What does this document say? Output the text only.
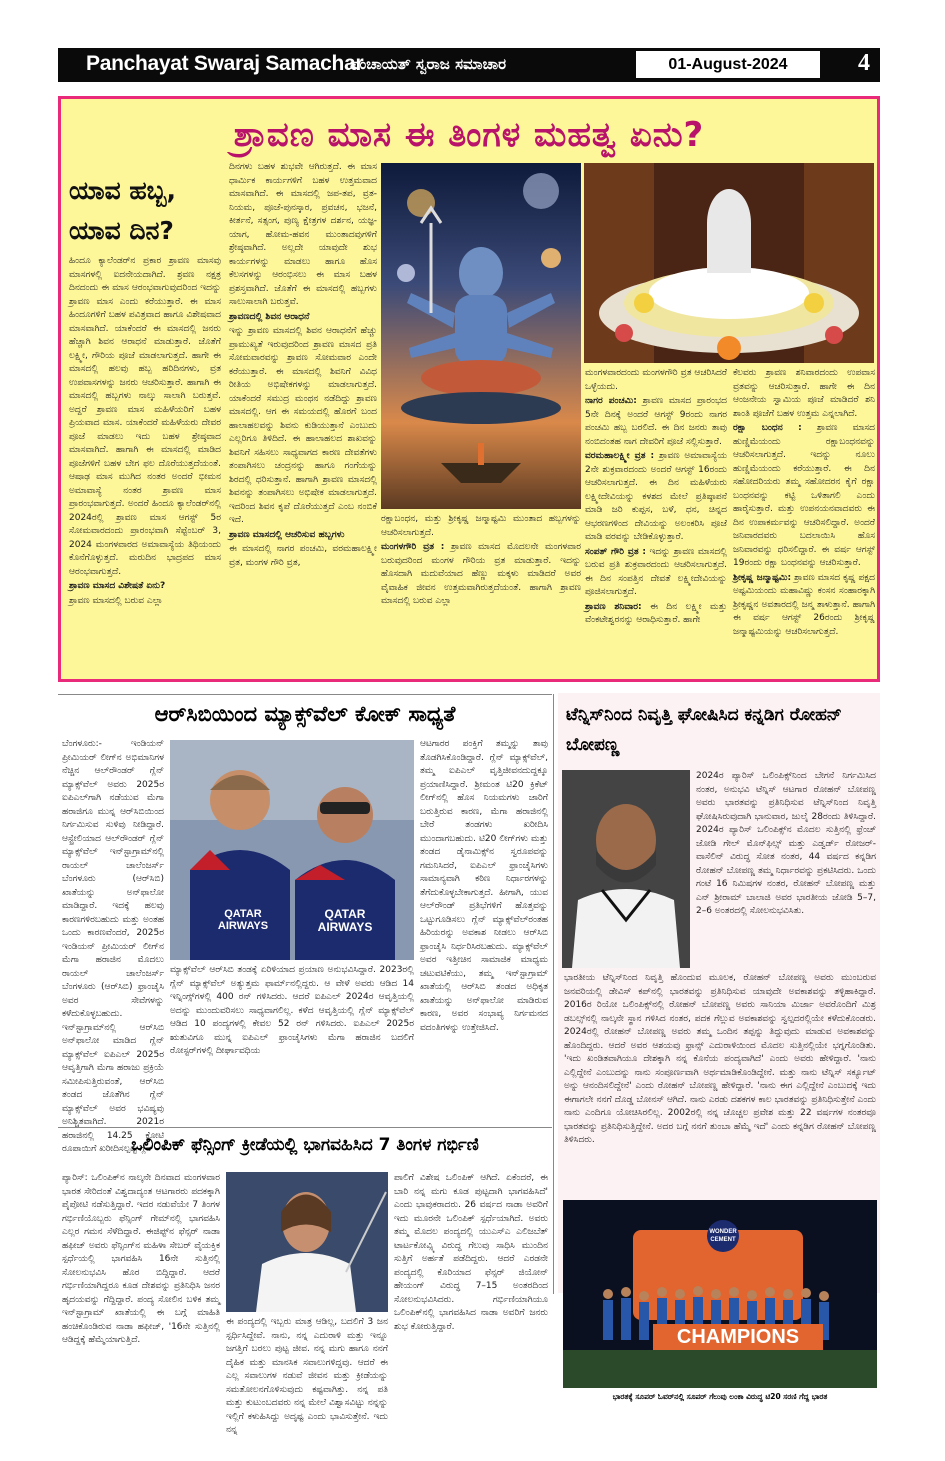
Panchayat Swaraj Samachar
ಪಂಚಾಯತ್ ಸ್ವರಾಜ ಸಮಾಚಾರ	01-August-2024	4
ಶ್ರಾವಣ ಮಾಸ ಈ ತಿಂಗಳ ಮಹತ್ವ ಏನು?
ಯಾವ ಹಬ್ಬ, ಯಾವ ದಿನ?

ಹಿಂದೂ ಕ್ಯಾಲೆಂಡರ್‌ನ ಪ್ರಕಾರ ಶ್ರಾವಣ ಮಾಸವು ಮಾಸಗಳಲ್ಲಿ ಐದನೇಯದಾಗಿದೆ. ಶ್ರವಣ ನಕ್ಷತ್ರ ದಿನದಂದು ಈ ಮಾಸ ಆರಂಭವಾಗುವುದರಿಂದ ಇದನ್ನು ಶ್ರಾವಣ ಮಾಸ ಎಂದು ಕರೆಯುತ್ತಾರೆ. ಈ ಮಾಸ ಹಿಂದೂಗಳಿಗೆ ಬಹಳ ಪವಿತ್ರವಾದ ಹಾಗೂ ವಿಶೇಷವಾದ ಮಾಸವಾಗಿದೆ. ಯಾಕೆಂದರೆ ಈ ಮಾಸದಲ್ಲಿ ಜನರು ಹೆಚ್ಚಾಗಿ ಶಿವನ ಆರಾಧನೆ ಮಾಡುತ್ತಾರೆ. ಜೊತೆಗೆ ಲಕ್ಷ್ಮೀ, ಗೌರಿಯ ಪೂಜೆ ಮಾಡಲಾಗುತ್ತದೆ. ಹಾಗೇ ಈ ಮಾಸದಲ್ಲಿ ಹಲವು ಹಬ್ಬ ಹರಿದಿನಗಳು, ವ್ರತ ಉಪವಾಸಗಳನ್ನು ಜನರು ಆಚರಿಸುತ್ತಾರೆ. ಹಾಗಾಗಿ ಈ ಮಾಸದಲ್ಲಿ ಹಬ್ಬಗಳು ನಾಲ್ಕು ಸಾಲಾಗಿ ಬರುತ್ತವೆ. ಅದ್ದರೆ ಶ್ರಾವಣ ಮಾಸ ಮಹಿಳೆಯರಿಗೆ ಬಹಳ ಪ್ರಿಯವಾದ ಮಾಸ. ಯಾಕೆಂದರೆ ಮಹಿಳೆಯರು ದೇವರ ಪೂಜೆ ಮಾಡಲು ಇದು ಬಹಳ ಶ್ರೇಷ್ಠವಾದ ಮಾಸವಾಗಿದೆ. ಹಾಗಾಗಿ ಈ ಮಾಸದಲ್ಲಿ ಮಾಡಿದ ಪೂಜೆಗಳಿಗೆ ಬಹಳ ಬೇಗ ಫಲ ದೊರೆಯುತ್ತದೆಯಂತೆ. ಆಷಾಢ ಮಾಸ ಮುಗಿದ ನಂತರ ಅಂದರೆ ಭೀಮನ ಅಮಾವಾಸ್ಯೆ ನಂತರ ಶ್ರಾವಣ ಮಾಸ ಪ್ರಾರಂಭವಾಗುತ್ತದೆ. ಅಂದರೆ ಹಿಂದೂ ಕ್ಯಾಲೆಂಡರ್‌ನಲ್ಲಿ 2024ರಲ್ಲಿ ಶ್ರಾವಣ ಮಾಸ ಆಗಸ್ಟ್ 5ರ ಸೋಮವಾರದಂದು ಪ್ರಾರಂಭವಾಗಿ ಸೆಪ್ಟೆಂಬರ್ 3, 2024 ಮಂಗಳವಾರದ ಅಮಾವಾಸ್ಯೆಯ ತಿಥಿಯಂದು ಕೊನೆಗೊಳ್ಳುತ್ತದೆ. ಮರುದಿನ ಭಾದ್ರಪದ ಮಾಸ ಆರಂಭವಾಗುತ್ತದೆ.

ಶ್ರಾವಣ ಮಾಸದ ವಿಶೇಷತೆ ಏನು?

ಶ್ರಾವಣ ಮಾಸದಲ್ಲಿ ಬರುವ ಎಲ್ಲಾ

ದಿನಗಳು ಬಹಳ ಶುಭವೇ ಆಗಿರುತ್ತದೆ. ಈ ಮಾಸ ಧಾರ್ಮಿಕ ಕಾರ್ಯಗಳಿಗೆ ಬಹಳ ಉತ್ತಮವಾದ ಮಾಸವಾಗಿದೆ. ಈ ಮಾಸದಲ್ಲಿ ಜಪ-ತಪ, ವ್ರತ-ನಿಯಮ, ಪೂಜೆ-ಪುನಸ್ಕಾರ, ಪ್ರವಚನ, ಭಜನೆ, ಕೀರ್ತನೆ, ಸತ್ಸಂಗ, ಪುಣ್ಯ ಕ್ಷೇತ್ರಗಳ ದರ್ಶನ, ಯಜ್ಞ-ಯಾಗ, ಹೋಮ-ಹವನ ಮುಂತಾದವುಗಳಿಗೆ ಶ್ರೇಷ್ಠವಾಗಿದೆ. ಅಲ್ಲದೇ ಯಾವುದೇ ಶುಭ ಕಾರ್ಯಗಳನ್ನು ಮಾಡಲು ಹಾಗೂ ಹೊಸ ಕೆಲಸಗಳನ್ನು ಆರಂಭಿಸಲು ಈ ಮಾಸ ಬಹಳ ಪ್ರಶಸ್ತವಾಗಿದೆ. ಜೊತೆಗೆ ಈ ಮಾಸದಲ್ಲಿ ಹಬ್ಬಗಳು ಸಾಲುಸಾಲಾಗಿ ಬರುತ್ತವೆ.

ಶ್ರಾವಣದಲ್ಲಿ ಶಿವನ ಆರಾಧನೆ

ಇನ್ನು ಶ್ರಾವಣ ಮಾಸದಲ್ಲಿ ಶಿವನ ಆರಾಧನೆಗೆ ಹೆಚ್ಚು ಪ್ರಾಮುಖ್ಯತೆ ಇರುವುದರಿಂದ ಶ್ರಾವಣ ಮಾಸದ ಪ್ರತಿ ಸೋಮವಾರವನ್ನು ಶ್ರಾವಣ ಸೋಮವಾರ ಎಂದೇ ಕರೆಯುತ್ತಾರೆ. ಈ ಮಾಸದಲ್ಲಿ ಶಿವನಿಗೆ ವಿವಿಧ ರೀತಿಯ ಅಭಿಷೇಕಗಳನ್ನು ಮಾಡಲಾಗುತ್ತದೆ. ಯಾಕೆಂದರೆ ಸಮುದ್ರ ಮಂಥನ ನಡೆದಿದ್ದು ಶ್ರಾವಣ ಮಾಸದಲ್ಲಿ. ಆಗ ಈ ಸಮಯದಲ್ಲಿ ಹೊರಗೆ ಬಂದ ಹಾಲಾಹಲವನ್ನು ಶಿವನು ಕುಡಿಯುತ್ತಾನೆ ಎಂಬುದು ಎಲ್ಲರಿಗೂ ತಿಳಿದಿದೆ. ಈ ಹಾಲಾಹಲದ ಶಾಖವನ್ನು ಶಿವನಿಗೆ ಸಹಿಸಲು ಸಾಧ್ಯವಾಗದ ಕಾರಣ ದೇವತೆಗಳು ತಂಪಾಗಿಸಲು ಚಂದ್ರನನ್ನು ಹಾಗೂ ಗಂಗೆಯನ್ನು ಶಿರದಲ್ಲಿ ಧರಿಸುತ್ತಾನೆ. ಹಾಗಾಗಿ ಶ್ರಾವಣ ಮಾಸದಲ್ಲಿ ಶಿವನನ್ನು ತಂಪಾಗಿಸಲು ಅಭಿಷೇಕ ಮಾಡಲಾಗುತ್ತದೆ. ಇದರಿಂದ ಶಿವನ ಕೃಪೆ ದೊರೆಯುತ್ತದೆ ಎಂಬ ನಂಬಿಕೆ ಇದೆ.

ಶ್ರಾವಣ ಮಾಸದಲ್ಲಿ ಆಚರಿಸುವ ಹಬ್ಬಗಳು

ಈ ಮಾಸದಲ್ಲಿ ನಾಗರ ಪಂಚಮಿ, ವರಮಹಾಲಕ್ಷ್ಮೀ ವ್ರತ, ಮಂಗಳ ಗೌರಿ ವ್ರತ,

ರಕ್ಷಾಬಂಧನ, ಮತ್ತು ಶ್ರೀಕೃಷ್ಣ ಜನ್ಮಾಷ್ಟಮಿ ಮುಂತಾದ ಹಬ್ಬಗಳನ್ನು ಆಚರಿಸಲಾಗುತ್ತದೆ.

ಮಂಗಳಗೌರಿ ವ್ರತ : ಶ್ರಾವಣ ಮಾಸದ ಮೊದಲನೇ ಮಂಗಳವಾರ ಬರುವುದರಿಂದ ಮಂಗಳ ಗೌರಿಯ ವ್ರತ ಮಾಡುತ್ತಾರೆ. ಇದನ್ನು ಹೊಸದಾಗಿ ಮದುವೆಯಾದ ಹೆಣ್ಣು ಮಕ್ಕಳು ಮಾಡಿದರೆ ಅವರ ವೈವಾಹಿಕ ಜೀವನ ಉತ್ತಮವಾಗಿರುತ್ತದೆಯಂತೆ. ಹಾಗಾಗಿ ಶ್ರಾವಣ ಮಾಸದಲ್ಲಿ ಬರುವ ಎಲ್ಲಾ

ಮಂಗಳವಾರದಂದು ಮಂಗಳಗೌರಿ ವ್ರತ ಆಚರಿಸಿದರೆ ಒಳ್ಳೆಯದು.

ನಾಗರ ಪಂಚಮಿ: ಶ್ರಾವಣ ಮಾಸದ ಪ್ರಾರಂಭದ 5ನೇ ದಿನಕ್ಕೆ ಅಂದರೆ ಆಗಸ್ಟ್ 9ರಂದು ನಾಗರ ಪಂಚಮಿ ಹಬ್ಬ ಬರಲಿದೆ. ಈ ದಿನ ಜನರು ತಾವು ನಂಬಿದಂತಹ ನಾಗ ದೇವರಿಗೆ ಪೂಜೆ ಸಲ್ಲಿಸುತ್ತಾರೆ.

ವರಮಹಾಲಕ್ಷ್ಮೀ ವ್ರತ : ಶ್ರಾವಣ ಅಮಾವಾಸ್ಯೆಯ 2ನೇ ಶುಕ್ರವಾರದಂದು ಅಂದರೆ ಆಗಸ್ಟ್ 16ರಂದು ಆಚರಿಸಲಾಗುತ್ತದೆ. ಈ ದಿನ ಮಹಿಳೆಯರು ಲಕ್ಷ್ಮೀದೇವಿಯನ್ನು ಕಳಶದ ಮೇಲೆ ಪ್ರತಿಷ್ಠಾಪನೆ ಮಾಡಿ ಜರಿ ಕುಪ್ಪಸ, ಬಳೆ, ಧನ, ಚಿನ್ನದ ಆಭರಣಗಳಿಂದ ದೇವಿಯನ್ನು ಅಲಂಕರಿಸಿ ಪೂಜೆ ಮಾಡಿ ವರವನ್ನು ಬೇಡಿಕೊಳ್ಳುತ್ತಾರೆ.

ಸಂಪತ್ ಗೌರಿ ವ್ರತ : ಇದನ್ನು ಶ್ರಾವಣ ಮಾಸದಲ್ಲಿ ಬರುವ ಪ್ರತಿ ಶುಕ್ರವಾರದಂದು ಆಚರಿಸಲಾಗುತ್ತದೆ. ಈ ದಿನ ಸಂಪತ್ತಿನ ದೇವತೆ ಲಕ್ಷ್ಮೀದೇವಿಯನ್ನು ಪೂಜಿಸಲಾಗುತ್ತದೆ.

ಶ್ರಾವಣ ಶನಿವಾರ: ಈ ದಿನ ಲಕ್ಷ್ಮೀ ಮತ್ತು ವೆಂಕಟೇಶ್ವರನನ್ನು ಆರಾಧಿಸುತ್ತಾರೆ. ಹಾಗೇ

ಕೆಲವರು ಶ್ರಾವಣ ಶನಿವಾರದಂದು ಉಪವಾಸ ವ್ರತವನ್ನು ಆಚರಿಸುತ್ತಾರೆ. ಹಾಗೇ ಈ ದಿನ ಆಂಜನೇಯ ಸ್ವಾಮಿಯ ಪೂಜೆ ಮಾಡಿದರೆ ಶನಿ ಶಾಂತಿ ಪೂಜೆಗೆ ಬಹಳ ಉತ್ತಮ ಎನ್ನಲಾಗಿದೆ.

ರಕ್ಷಾ ಬಂಧನ : ಶ್ರಾವಣ ಮಾಸದ ಹುಣ್ಣಿಮೆಯಂದು ರಕ್ಷಾಬಂಧನವನ್ನು ಆಚರಿಸಲಾಗುತ್ತದೆ. ಇದನ್ನು ನೂಲು ಹುಣ್ಣಿಮೆಯಂದು ಕರೆಯುತ್ತಾರೆ. ಈ ದಿನ ಸಹೋದರಿಯರು ತಮ್ಮ ಸಹೋದರನ ಕೈಗೆ ರಕ್ಷಾ ಬಂಧನವನ್ನು ಕಟ್ಟಿ ಒಳಿತಾಗಲಿ ಎಂದು ಹಾರೈಸುತ್ತಾರೆ. ಮತ್ತು ಉಪನಯನವಾದವರು ಈ ದಿನ ಉಪಾಕರ್ಮವನ್ನು ಆಚರಿಸಲಿದ್ದಾರೆ. ಅಂದರೆ ಜನಿವಾರದವರು ಬದಲಾಯಿಸಿ ಹೊಸ ಜನಿವಾರವನ್ನು ಧರಿಸಲಿದ್ದಾರೆ. ಈ ವರ್ಷ ಆಗಸ್ಟ್ 19ರಂದು ರಕ್ಷಾ ಬಂಧನವನ್ನು ಆಚರಿಸುತ್ತಾರೆ.

ಶ್ರೀಕೃಷ್ಣ ಜನ್ಮಾಷ್ಟಮಿ: ಶ್ರಾವಣ ಮಾಸದ ಕೃಷ್ಣ ಪಕ್ಷದ ಅಷ್ಟಮಿಯಂದು ಮಹಾವಿಷ್ಣು ಕಂಸನ ಸಂಹಾರಕ್ಕಾಗಿ ಶ್ರೀಕೃಷ್ಣನ ಅವತಾರದಲ್ಲಿ ಜನ್ಮ ತಾಳುತ್ತಾನೆ. ಹಾಗಾಗಿ ಈ ವರ್ಷ ಆಗಸ್ಟ್ 26ರಂದು ಶ್ರೀಕೃಷ್ಣ ಜನ್ಮಾಷ್ಟಮಿಯನ್ನು ಆಚರಿಸಲಾಗುತ್ತದೆ.

ಆರ್‌ಸಿಬಿಯಿಂದ ಮ್ಯಾಕ್ಸ್‌ವೆಲ್ ಕೋಕ್ ಸಾಧ್ಯತೆ

ಬೆಂಗಳೂರು:- ಇಂಡಿಯನ್ ಪ್ರೀಮಿಯರ್ ಲೀಗ್‌ನ ಅಭಿಮಾನಿಗಳ ನೆಚ್ಚಿನ ಆಲ್‌ರೌಂಡರ್ ಗ್ಲೆನ್ ಮ್ಯಾಕ್ಸ್‌ವೆಲ್ ಅವರು 2025ರ ಐಪಿಎಲ್‌ಗಾಗಿ ನಡೆಯುವ ಮೆಗಾ ಹರಾಜಿಗೂ ಮುನ್ನ ಆರ್‌ಸಿಬಿಯಿಂದ ನಿರ್ಗಮಿಸುವ ಸುಳಿವು ನೀಡಿದ್ದಾರೆ. ಆಸ್ಟ್ರೇಲಿಯಾದ ಆಲ್‌ರೌಂಡರ್ ಗ್ಲೆನ್ ಮ್ಯಾಕ್ಸ್‌ವೆಲ್ ಇನ್‌ಸ್ಟಾಗ್ರಾಮ್‌ನಲ್ಲಿ ರಾಯಲ್ ಚಾಲೆಂಜರ್ಸ್ ಬೆಂಗಳೂರು (ಆರ್‌ಸಿಬಿ) ಖಾತೆಯನ್ನು ಅನ್‌ಫಾಲೋ ಮಾಡಿದ್ದಾರೆ. ಇದಕ್ಕೆ ಹಲವು ಕಾರಣಗಳಿರಬಹುದು ಮತ್ತು ಅಂತಹ ಒಂದು ಕಾರಣವೆಂದರೆ, 2025ರ ಇಂಡಿಯನ್ ಪ್ರೀಮಿಯರ್ ಲೀಗ್‌ನ ಮೆಗಾ ಹರಾಜಿನ ಮೊದಲು ರಾಯಲ್ ಚಾಲೆಂಜರ್ಸ್ ಬೆಂಗಳೂರು (ಆರ್‌ಸಿಬಿ) ಫ್ರಾಂಚೈಸಿ ಅವರ ಸೇವೆಗಳನ್ನು ಕಳೆದುಕೊಳ್ಳಬಹುದು. ಇನ್‌ಸ್ಟಾಗ್ರಾಮ್‌ನಲ್ಲಿ ಆರ್‌ಸಿಬಿ ಅನ್‌ಫಾಲೋ ಮಾಡಿದ ಗ್ಲೆನ್ ಮ್ಯಾಕ್ಸ್‌ವೆಲ್ ಐಪಿಎಲ್ 2025ರ ಆವೃತ್ತಿಗಾಗಿ ಮೆಗಾ ಹರಾಜು ಪ್ರಕ್ರಿಯೆ ಸಮೀಪಿಸುತ್ತಿರುವಂತೆ, ಆರ್‌ಸಿಬಿ ತಂಡದ ಜೊತೆಗಿನ ಗ್ಲೆನ್ ಮ್ಯಾಕ್ಸ್‌ವೆಲ್ ಅವರ ಭವಿಷ್ಯವು ಅನಿಶ್ಚಿತವಾಗಿದೆ. 2021ರ ಹರಾಜಿನಲ್ಲಿ 14.25 ಕೋಟಿ ರೂಪಾಯಿಗೆ ಖರೀದಿಸಲ್ಪಟ್ಟ ಗ್ಲೆನ್

QATAR AIRWAYS
QATAR AIRWAYS

ಮ್ಯಾಕ್ಸ್‌ವೆಲ್ ಆರ್‌ಸಿಬಿ ತಂಡಕ್ಕೆ ಏರಿಳಿಯಾದ ಪ್ರಯಾಣ ಅನುಭವಿಸಿದ್ದಾರೆ. 2023ರಲ್ಲಿ ಗ್ಲೆನ್ ಮ್ಯಾಕ್ಸ್‌ವೆಲ್ ಅತ್ಯುತ್ತಮ ಫಾರ್ಮ್‌ನಲ್ಲಿದ್ದರು. ಆ ವೇಳೆ ಅವರು ಆಡಿದ 14 ಇನ್ನಿಂಗ್ಸ್‌ಗಳಲ್ಲಿ 400 ರನ್ ಗಳಿಸಿದರು. ಆದರೆ ಐಪಿಎಲ್ 2024ರ ಆವೃತ್ತಿಯಲ್ಲಿ ಅದನ್ನು ಮುಂದುವರಿಸಲು ಸಾಧ್ಯವಾಗಲಿಲ್ಲ. ಕಳೆದ ಆವೃತ್ತಿಯಲ್ಲಿ ಗ್ಲೆನ್ ಮ್ಯಾಕ್ಸ್‌ವೆಲ್ ಆಡಿದ 10 ಪಂದ್ಯಗಳಲ್ಲಿ ಕೇವಲ 52 ರನ್ ಗಳಿಸಿದರು. ಐಪಿಎಲ್ 2025ರ ಋತುವಿಗೂ ಮುನ್ನ ಐಪಿಎಲ್ ಫ್ರಾಂಚೈಸಿಗಳು ಮೆಗಾ ಹರಾಜಿನ ಬದಲಿಗೆ ರೋಸ್ಟರ್‌ಗಳಲ್ಲಿ ದೀರ್ಘಾವಧಿಯ

ಆಟಗಾರರ ಪಂಕ್ತಿಗೆ ತಮ್ಮನ್ನು ತಾವು ತೊಡಗಿಸಿಕೊಂಡಿದ್ದಾರೆ. ಗ್ಲೆನ್ ಮ್ಯಾಕ್ಸ್‌ವೆಲ್, ತಮ್ಮ ಐಪಿಎಲ್ ವೃತ್ತಿಜೀವನದುದ್ದಕ್ಕೂ ಪ್ರಯಾಣಿಸಿದ್ದಾರೆ. ಶ್ರೀಮಂತ ಟಿ20 ಕ್ರಿಕೆಟ್ ಲೀಗ್‌ನಲ್ಲಿ ಹೊಸ ನಿಯಮಗಳು ಜಾರಿಗೆ ಬರುತ್ತಿರುವ ಕಾರಣ, ಮೆಗಾ ಹರಾಜಿನಲ್ಲಿ ಬೇರೆ ತಂಡಗಳು ಖರೀದಿಸಿ ಮುಂದಾಗಬಹುದು. ಟಿ20 ಲೀಗ್‌ಗಳು ಮತ್ತು ತಂಡದ ಡೈನಾಮಿಕ್ಸ್‌ನ ಸ್ವರೂಪವನ್ನು ಗಮನಿಸಿದರೆ, ಐಪಿಎಲ್ ಫ್ರಾಂಚೈಸಿಗಳು ಸಾಮಾನ್ಯವಾಗಿ ಕಠಿಣ ನಿರ್ಧಾರಗಳನ್ನು ತೆಗೆದುಕೊಳ್ಳಬೇಕಾಗುತ್ತದೆ. ಹೀಗಾಗಿ, ಯುವ ಆಲ್‌ರೌಂಡ್ ಪ್ರತಿಭೆಗಳಿಗೆ ಹೊತ್ತವನ್ನು ಒಟ್ಟುಗೂಡಿಸಲು ಗ್ಲೆನ್ ಮ್ಯಾಕ್ಸ್‌ವೆಲ್‌ರಂತಹ ಹಿರಿಯರನ್ನು ಅವಕಾಶ ನೀಡಲು ಆರ್‌ಸಿಬಿ ಫ್ರಾಂಚೈಸಿ ನಿರ್ಧರಿಸಿರಬಹುದು. ಮ್ಯಾಕ್ಸ್‌ವೆಲ್ ಅವರ ಇತ್ತೀಚಿನ ಸಾಮಾಜಿಕ ಮಾಧ್ಯಮ ಚಟುವಟಿಕೆಯು, ತಮ್ಮ ಇನ್‌ಸ್ಟಾಗ್ರಾಮ್ ಖಾತೆಯಲ್ಲಿ ಆರ್‌ಸಿಬಿ ತಂಡದ ಅಧಿಕೃತ ಖಾತೆಯನ್ನು ಅನ್‌ಫಾಲೋ ಮಾಡಿರುವ ಕಾರಣ, ಅವರ ಸಂಭಾವ್ಯ ನಿರ್ಗಮನದ ವದಂತಿಗಳನ್ನು ಉತ್ತೇಜಿಸಿದೆ.

ಒಲಿಂಪಿಕ್ ಫೆನ್ಸಿಂಗ್ ಕ್ರೀಡೆಯಲ್ಲಿ ಭಾಗವಹಿಸಿದ 7 ತಿಂಗಳ ಗರ್ಭಿಣಿ

ಪ್ಯಾರಿಸ್: ಒಲಿಂಪಿಕ್‌ನ ನಾಲ್ಕನೇ ದಿನವಾದ ಮಂಗಳವಾರ ಭಾರತ ಸೇರಿದಂತೆ ವಿಶ್ವದಾದ್ಯಂತ ಆಟಗಾರರು ಪದಕಕ್ಕಾಗಿ ಪೈಪೋಟಿ ನಡೆಸುತ್ತಿದ್ದಾರೆ. ಇದರ ನಡುವೆಯೇ 7 ತಿಂಗಳ ಗರ್ಭಿಣಿಯೊಬ್ಬರು ಫೆನ್ಸಿಂಗ್ ಗೇಮ್‌ನಲ್ಲಿ ಭಾಗವಹಿಸಿ ಎಲ್ಲರ ಗಮನ ಸೆಳೆದಿದ್ದಾರೆ. ಈಜಿಪ್ಟ್‌ನ ಫೆನ್ಸರ್ ನಾಡಾ ಹಫೀಜ್ ಅವರು ಫೆನ್ಸಿಂಗ್‌ನ ಮಹಿಳಾ ಸೇಬರ್ ವೈಯಕ್ತಿಕ ಸ್ಪರ್ಧೆಯಲ್ಲಿ ಭಾಗವಹಿಸಿ 16ನೇ ಸುತ್ತಿನಲ್ಲಿ ಸೋಲನುಭವಿಸಿ ಹೊರ ಬಿದ್ದಿದ್ದಾರೆ. ಆದರೆ ಗರ್ಭಿಣಿಯಾಗಿದ್ದರೂ ಕೂಡ ದೇಶವನ್ನು ಪ್ರತಿನಿಧಿಸಿ ಜನರ ಹೃದಯವನ್ನು ಗೆದ್ದಿದ್ದಾರೆ. ಪಂದ್ಯ ಸೋಲಿನ ಬಳಿಕ ತಮ್ಮ ಇನ್‌ಸ್ಟಾಗ್ರಾಮ್ ಖಾತೆಯಲ್ಲಿ ಈ ಬಗ್ಗೆ ಮಾಹಿತಿ ಹಂಚಿಕೊಂಡಿರುವ ನಾಡಾ ಹಫೀಜ್, '16ನೇ ಸುತ್ತಿನಲ್ಲಿ ಆಡಿದ್ದಕ್ಕೆ ಹೆಮ್ಮೆಯಾಗುತ್ತಿದೆ.

ಈ ಪಂದ್ಯದಲ್ಲಿ ಇಬ್ಬರು ಮಾತ್ರ ಆಡಿಲ್ಲ, ಬದಲಿಗೆ 3 ಜನ ಸ್ಪರ್ಧಿಸಿದ್ದೇವೆ. ನಾನು, ನನ್ನ ಎದುರಾಳಿ ಮತ್ತು ಇನ್ನೂ ಜಗತ್ತಿಗೆ ಬರಲು ಪುಟ್ಟ ಜೀವ. ನನ್ನ ಮಗು ಹಾಗೂ ನನಗೆ ದೈಹಿಕ ಮತ್ತು ಮಾನಸಿಕ ಸವಾಲುಗಳಿದ್ದವು. ಆದರೆ ಈ ಎಲ್ಲ ಸವಾಲುಗಳ ನಡುವೆ ಜೀವನ ಮತ್ತು ಕ್ರೀಡೆಯನ್ನು ಸಮತೋಲನಗೊಳಿಸುವುದು ಕಷ್ಟವಾಗಿತ್ತು. ನನ್ನ ಪತಿ ಮತ್ತು ಕುಟುಂಬದವರು ನನ್ನ ಮೇಲೆ ವಿಶ್ವಾಸವಿಟ್ಟು ನನ್ನನ್ನು ಇಲ್ಲಿಗೆ ಕಳುಹಿಸಿದ್ದು ಅದೃಷ್ಟ ಎಂದು ಭಾವಿಸುತ್ತೇನೆ. ಇದು ನನ್ನ

ಪಾಲಿಗೆ ವಿಶೇಷ ಒಲಿಂಪಿಕ್ ಆಗಿದೆ. ಏಕೆಂದರೆ, ಈ ಬಾರಿ ನನ್ನ ಮಗು ಕೂಡ ಪುಟ್ಟದಾಗಿ ಭಾಗವಹಿಸಿದೆ' ಎಂದು ಭಾವುಕರಾದರು. 26 ವರ್ಷದ ನಾಡಾ ಅವರಿಗೆ ಇದು ಮೂರನೇ ಒಲಿಂಪಿಕ್ ಸ್ಪರ್ಧೆಯಾಗಿದೆ. ಅವರು ತಮ್ಮ ಮೊದಲ ಪಂದ್ಯದಲ್ಲಿ ಯುಎಸ್‌ಎ ಎಲಿಜಬೆತ್ ಟಾರ್ಟಕೋವ್ಸ್ಕಿ ವಿರುದ್ಧ ಗೆಲುವು ಸಾಧಿಸಿ ಮುಂದಿನ ಸುತ್ತಿಗೆ ಅರ್ಹತೆ ಪಡೆದಿದ್ದರು. ಆದರೆ ಎರಡನೇ ಪಂದ್ಯದಲ್ಲಿ ಕೊರಿಯಾದ ಫೆನ್ಸರ್ ಜಿಯೋನ್ ಹೇಯಂಗ್ ವಿರುದ್ಧ 7–15 ಅಂತರದಿಂದ ಸೋಲನುಭವಿಸಿದರು. ಗರ್ಭಿಣಿಯಾಗಿಯೂ ಒಲಿಂಪಿಕ್‌ನಲ್ಲಿ ಭಾಗವಹಿಸಿದ ನಾಡಾ ಅವರಿಗೆ ಜನರು ಶುಭ ಕೋರುತ್ತಿದ್ದಾರೆ.

ಟೆನ್ನಿಸ್‌ನಿಂದ ನಿವೃತ್ತಿ ಘೋಷಿಸಿದ ಕನ್ನಡಿಗ ರೋಹನ್ ಬೋಪಣ್ಣ

2024ರ ಪ್ಯಾರಿಸ್ ಒಲಿಂಪಿಕ್ಸ್‌ನಿಂದ ಬೇಗನೆ ನಿರ್ಗಮಿಸಿದ ನಂತರ, ಅನುಭವಿ ಟೆನ್ನಿಸ್ ಆಟಗಾರ ರೋಹನ್ ಬೋಪಣ್ಣ ಅವರು ಭಾರತವನ್ನು ಪ್ರತಿನಿಧಿಸುವ ಟೆನ್ನಿಸ್‌ನಿಂದ ನಿವೃತ್ತಿ ಘೋಷಿಸಿರುವುದಾಗಿ ಭಾನುವಾರ, ಜುಲೈ 28ರಂದು ತಿಳಿಸಿದ್ದಾರೆ. 2024ರ ಪ್ಯಾರಿಸ್ ಒಲಿಂಪಿಕ್ಸ್‌ನ ಮೊದಲ ಸುತ್ತಿನಲ್ಲಿ ಫ್ರೆಂಚ್ ಜೋಡಿ ಗೇಲ್ ಮೊನ್‌ಫಿಲ್ಸ್ ಮತ್ತು ಎಡ್ವರ್ಡ್ ರೋಜರ್-ವಾಸೆಲಿನ್ ವಿರುದ್ಧ ಸೋತ ನಂತರ, 44 ವರ್ಷದ ಕನ್ನಡಿಗ ರೋಹನ್ ಬೋಪಣ್ಣ ತಮ್ಮ ನಿರ್ಧಾರವನ್ನು ಪ್ರಕಟಿಸಿದರು. ಒಂದು ಗಂಟೆ 16 ನಿಮಿಷಗಳ ನಂತರ, ರೋಹನ್ ಬೋಪಣ್ಣ ಮತ್ತು ಎನ್ ಶ್ರೀರಾಮ್ ಬಾಲಾಜಿ ಅವರ ಭಾರತೀಯ ಜೋಡಿ 5–7, 2–6 ಅಂತರದಲ್ಲಿ ಸೋಲನುಭವಿಸಿತು.

ಭಾರತೀಯ ಟೆನ್ನಿಸ್‌ನಿಂದ ನಿವೃತ್ತಿ ಹೊಂದುವ ಮೂಲಕ, ರೋಹನ್ ಬೋಪಣ್ಣ ಅವರು ಮುಂಬರುವ ಜನವರಿಯಲ್ಲಿ ಡೇವಿಸ್ ಕಪ್‌ನಲ್ಲಿ ಭಾರತವನ್ನು ಪ್ರತಿನಿಧಿಸುವ ಯಾವುದೇ ಅವಕಾಶವನ್ನು ತಳ್ಳಿಹಾಕಿದ್ದಾರೆ. 2016ರ ರಿಯೋ ಒಲಿಂಪಿಕ್ಸ್‌ನಲ್ಲಿ ರೋಹನ್ ಬೋಪಣ್ಣ ಅವರು ಸಾನಿಯಾ ಮಿರ್ಜಾ ಅವರೊಂದಿಗೆ ಮಿಶ್ರ ಡಬಲ್ಸ್‌ನಲ್ಲಿ ನಾಲ್ಕನೇ ಸ್ಥಾನ ಗಳಿಸಿದ ನಂತರ, ಪದಕ ಗೆಲ್ಲುವ ಅವಕಾಶವನ್ನು ಸ್ವಲ್ಪದರಲ್ಲಿಯೇ ಕಳೆದುಕೊಂಡರು. 2024ರಲ್ಲಿ ರೋಹನ್ ಬೋಪಣ್ಣ ಅವರು ತಮ್ಮ ಒಂದಿನ ತಪ್ಪನ್ನು ತಿದ್ದುವುದು ಮಾಡುವ ಅವಕಾಶವನ್ನು ಹೊಂದಿದ್ದರು. ಆದರೆ ಅವರ ಆಶಯವು ಫ್ರಾನ್ಸ್ ಎದುರಾಳಿಯಿಂದ ಮೊದಲ ಸುತ್ತಿನಲ್ಲಿಯೇ ಭಗ್ನಗೊಂಡಿತು. 'ಇದು ಖಂಡಿತವಾಗಿಯೂ ದೇಶಕ್ಕಾಗಿ ನನ್ನ ಕೊನೆಯ ಪಂದ್ಯವಾಗಿದೆ' ಎಂದು ಅವರು ಹೇಳಿದ್ದಾರೆ. 'ನಾನು ಎಲ್ಲಿದ್ದೇನೆ ಎಂಬುದನ್ನು ನಾನು ಸಂಪೂರ್ಣವಾಗಿ ಅರ್ಥಮಾಡಿಕೊಂಡಿದ್ದೇನೆ. ಮತ್ತು ನಾನು ಟೆನ್ನಿಸ್ ಸರ್ಕ್ಯೂಟ್ ಅನ್ನು ಆನಂದಿಸಲಿದ್ದೇನೆ' ಎಂದು ರೋಹನ್ ಬೋಪಣ್ಣ ಹೇಳಿದ್ದಾರೆ. 'ನಾನು ಈಗ ಎಲ್ಲಿದ್ದೇನೆ ಎಂಬುದಕ್ಕೆ ಇದು ಈಗಾಗಲೇ ನನಗೆ ದೊಡ್ಡ ಬೋನಸ್ ಆಗಿದೆ. ನಾನು ಎರಡು ದಶಕಗಳ ಕಾಲ ಭಾರತವನ್ನು ಪ್ರತಿನಿಧಿಸುತ್ತೇನೆ ಎಂದು ನಾನು ಎಂದಿಗೂ ಯೋಚಿಸಿರಲಿಲ್ಲ. 2002ರಲ್ಲಿ ನನ್ನ ಚೊಚ್ಚಲ ಪ್ರವೇಶ ಮತ್ತು 22 ವರ್ಷಗಳ ನಂತರವೂ ಭಾರತವನ್ನು ಪ್ರತಿನಿಧಿಸುತ್ತಿದ್ದೇನೆ. ಅದರ ಬಗ್ಗೆ ನನಗೆ ತುಂಬಾ ಹೆಮ್ಮೆ ಇದೆ' ಎಂದು ಕನ್ನಡಿಗ ರೋಹನ್ ಬೋಪಣ್ಣ ತಿಳಿಸಿದರು.

WONDER CEMENT
CHAMPIONS
ಭಾರತಕ್ಕೆ ಸೂಪರ್ ಓವರ್‌ನಲ್ಲಿ ಸೂಪರ್ ಗೆಲುವು ಲಂಕಾ ವಿರುದ್ಧ ಟಿ20 ಸರಣಿ ಗೆದ್ದ ಭಾರತ
